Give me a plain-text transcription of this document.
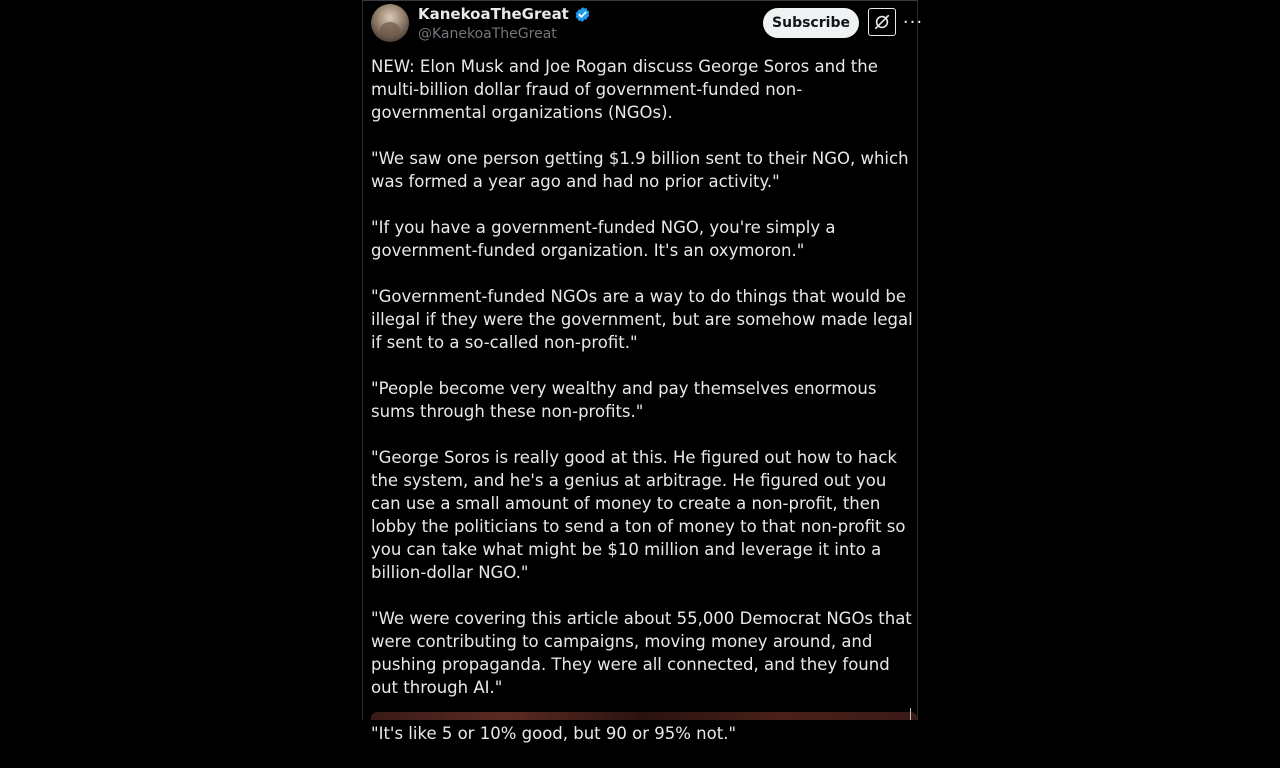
KanekoaTheGreat
@KanekoaTheGreat
Subscribe	···

NEW: Elon Musk and Joe Rogan discuss George Soros and the multi-billion dollar fraud of government-funded non-governmental organizations (NGOs).

"We saw one person getting $1.9 billion sent to their NGO, which was formed a year ago and had no prior activity."

"If you have a government-funded NGO, you're simply a government-funded organization. It's an oxymoron."

"Government-funded NGOs are a way to do things that would be illegal if they were the government, but are somehow made legal if sent to a so-called non-profit."

"People become very wealthy and pay themselves enormous sums through these non-profits."

"George Soros is really good at this. He figured out how to hack the system, and he's a genius at arbitrage. He figured out you can use a small amount of money to create a non-profit, then lobby the politicians to send a ton of money to that non-profit so you can take what might be $10 million and leverage it into a billion-dollar NGO."

"We were covering this article about 55,000 Democrat NGOs that were contributing to campaigns, moving money around, and pushing propaganda. They were all connected, and they found out through AI."

"It's like 5 or 10% good, but 90 or 95% not."
